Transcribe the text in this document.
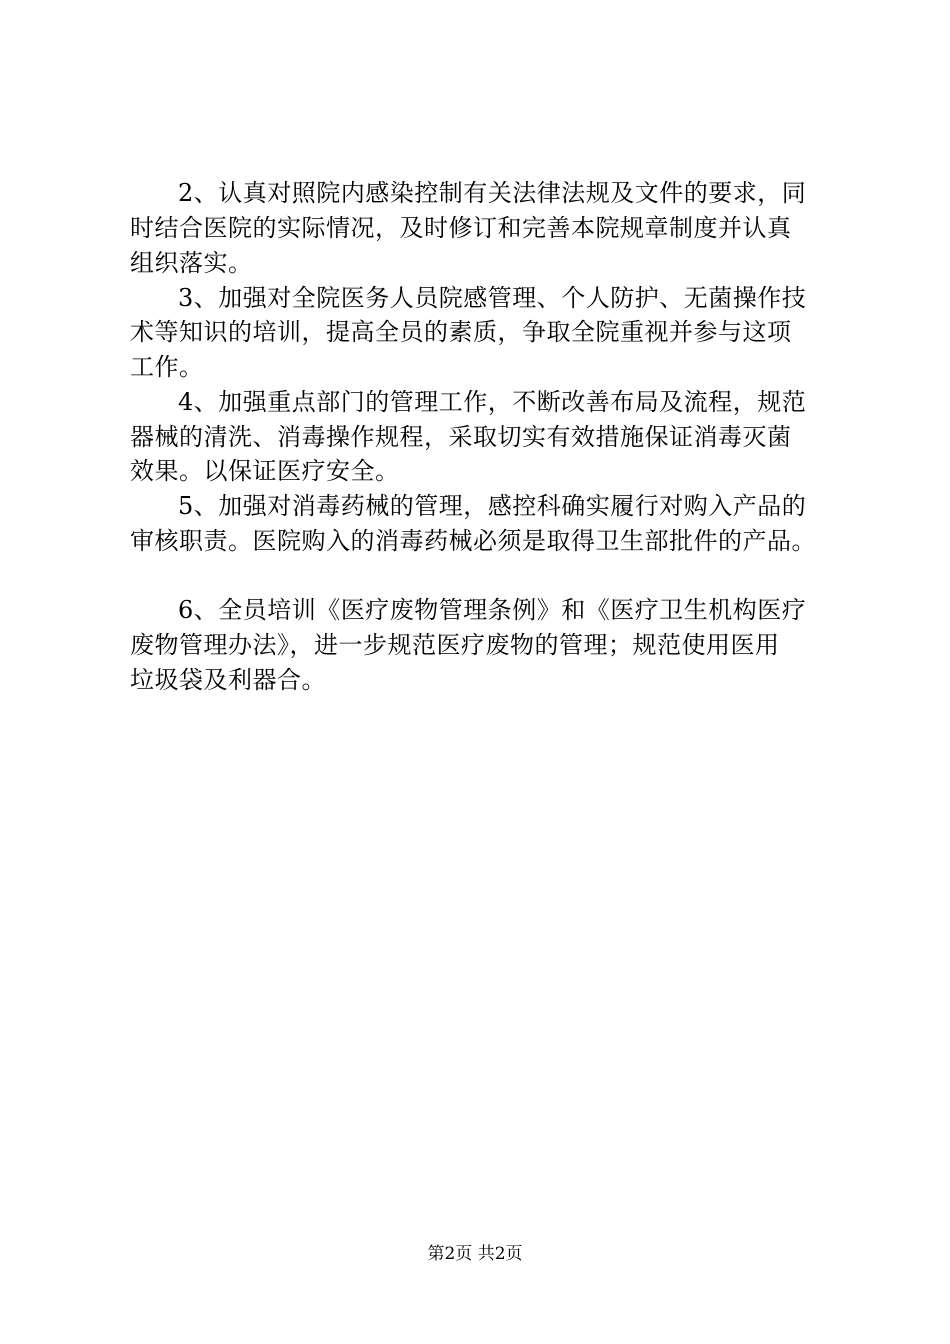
2、认真对照院内感染控制有关法律法规及文件的要求，同
时结合医院的实际情况，及时修订和完善本院规章制度并认真
组织落实。
3、加强对全院医务人员院感管理、个人防护、无菌操作技
术等知识的培训，提高全员的素质，争取全院重视并参与这项
工作。
4、加强重点部门的管理工作，不断改善布局及流程，规范
器械的清洗、消毒操作规程，采取切实有效措施保证消毒灭菌
效果。以保证医疗安全。
5、加强对消毒药械的管理，感控科确实履行对购入产品的
审核职责。医院购入的消毒药械必须是取得卫生部批件的产品。
6、全员培训《医疗废物管理条例》和《医疗卫生机构医疗
废物管理办法》，进一步规范医疗废物的管理；规范使用医用
垃圾袋及利器合。
第2页 共2页
